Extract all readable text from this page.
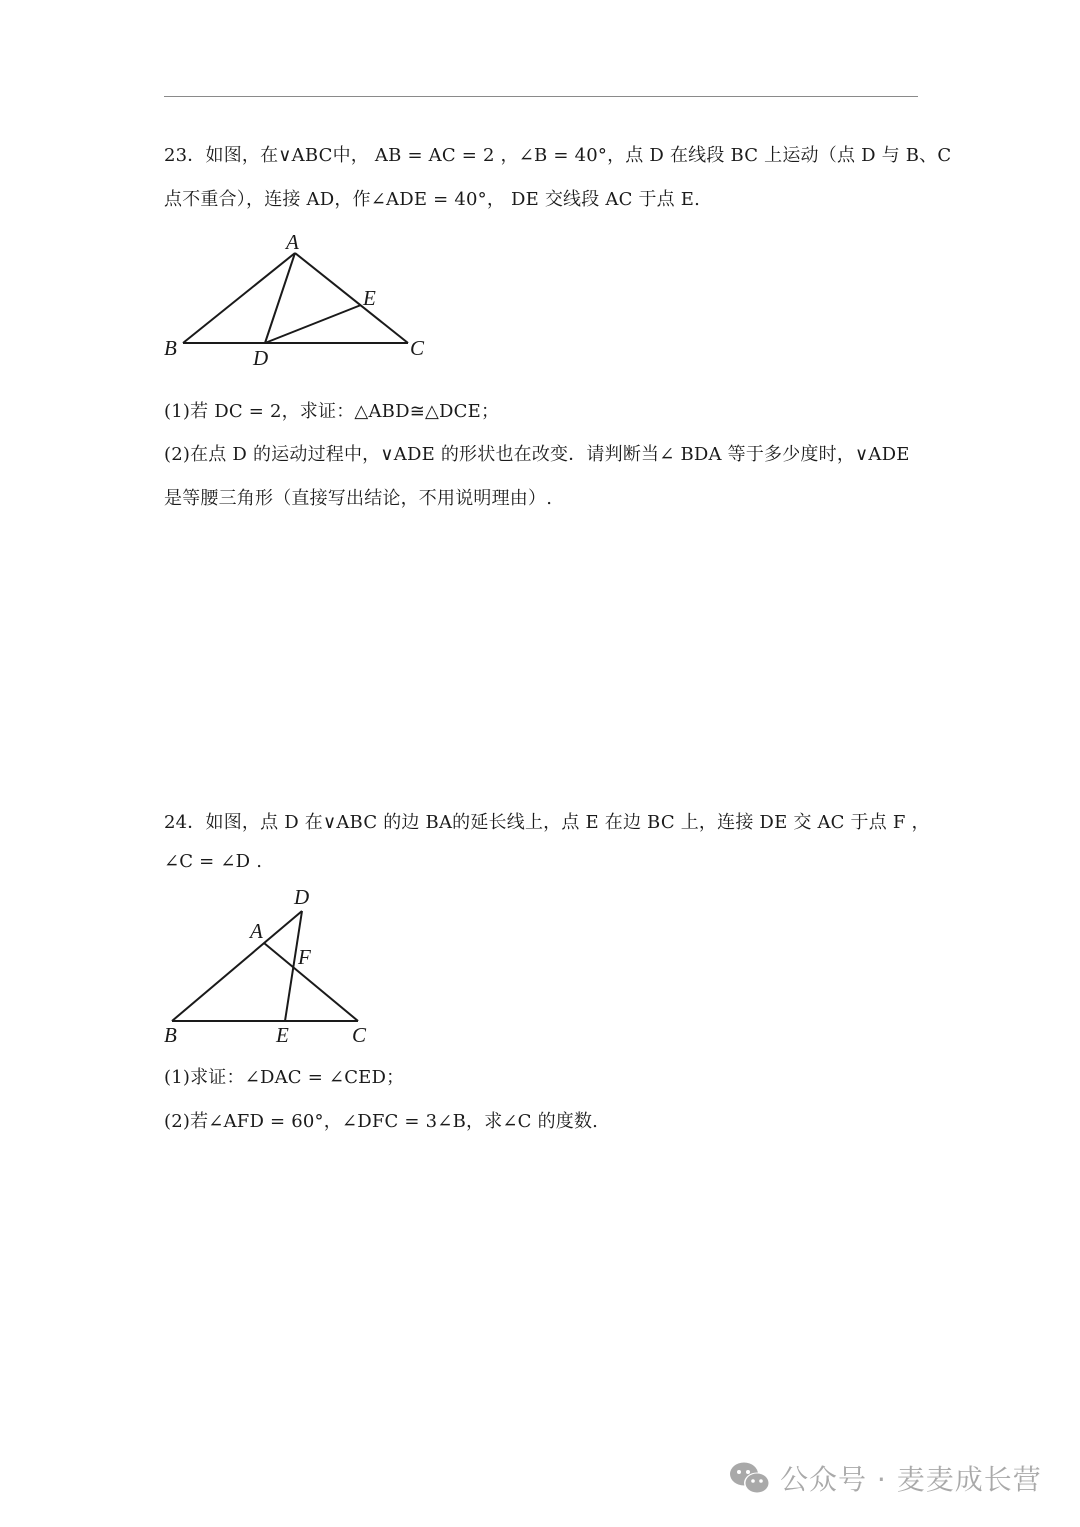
23．如图，在∨ABC中， AB = AC = 2 ，∠B = 40°，点 D 在线段 BC 上运动（点 D 与 B、C
点不重合），连接 AD，作∠ADE = 40°， DE 交线段 AC 于点 E.
A
B	C
D
E
(1)若 DC = 2，求证：△ABD≅△DCE；
(2)在点 D 的运动过程中，∨ADE 的形状也在改变．请判断当∠ BDA 等于多少度时，∨ADE
是等腰三角形（直接写出结论，不用说明理由）.
24．如图，点 D 在∨ABC 的边 BA的延长线上，点 E 在边 BC 上，连接 DE 交 AC 于点 F ，
∠C = ∠D .
D
A
F
B	E	C
(1)求证：∠DAC = ∠CED；
(2)若∠AFD = 60°，∠DFC = 3∠B，求∠C 的度数.
公众号 · 麦麦成长营
